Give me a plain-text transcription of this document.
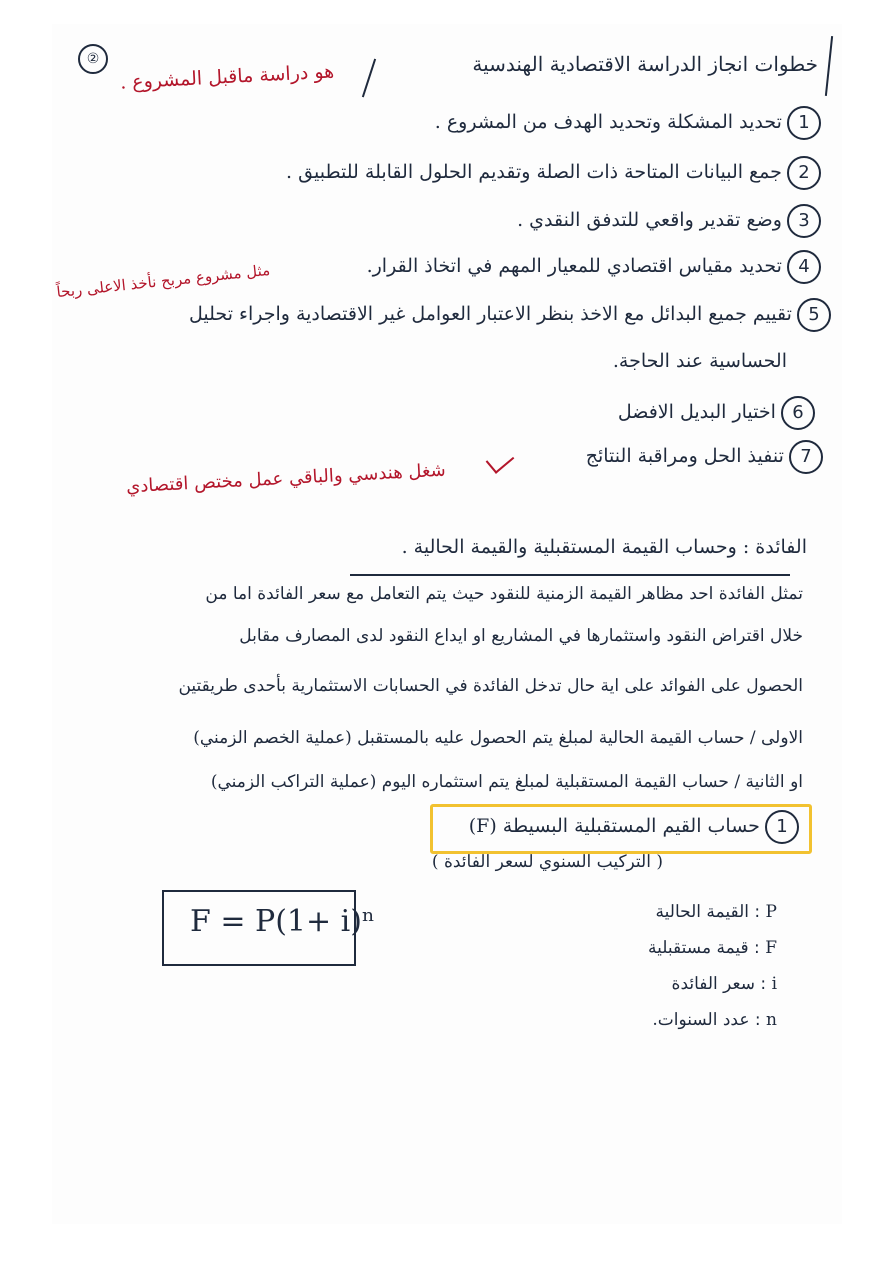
②	خطوات انجاز الدراسة الاقتصادية الهندسية
هو دراسة ماقبل المشروع .
1 تحديد المشكلة وتحديد الهدف من المشروع .
2 جمع البيانات المتاحة ذات الصلة وتقديم الحلول القابلة للتطبيق .
3 وضع تقدير واقعي للتدفق النقدي .
4 تحديد مقياس اقتصادي للمعيار المهم في اتخاذ القرار.
مثل مشروع مربح نأخذ الاعلى ربحاً
5 تقييم جميع البدائل مع الاخذ بنظر الاعتبار العوامل غير الاقتصادية واجراء تحليل
الحساسية عند الحاجة.
6 اختيار البديل الافضل
7 تنفيذ الحل ومراقبة النتائج
شغل هندسي والباقي عمل مختص اقتصادي
الفائدة : وحساب القيمة المستقبلية والقيمة الحالية .
تمثل الفائدة احد مظاهر القيمة الزمنية للنقود حيث يتم التعامل مع سعر الفائدة اما من
خلال اقتراض النقود واستثمارها في المشاريع او ايداع النقود لدى المصارف مقابل
الحصول على الفوائد على اية حال تدخل الفائدة في الحسابات الاستثمارية بأحدى طريقتين
الاولى / حساب القيمة الحالية لمبلغ يتم الحصول عليه بالمستقبل (عملية الخصم الزمني)
او الثانية / حساب القيمة المستقبلية لمبلغ يتم استثماره اليوم (عملية التراكب الزمني)
1 حساب القيم المستقبلية البسيطة (F)
( التركيب السنوي لسعر الفائدة )
F = P(1+ i)ⁿ	P : القيمة الحالية
F : قيمة مستقبلية
i : سعر الفائدة
n : عدد السنوات.
